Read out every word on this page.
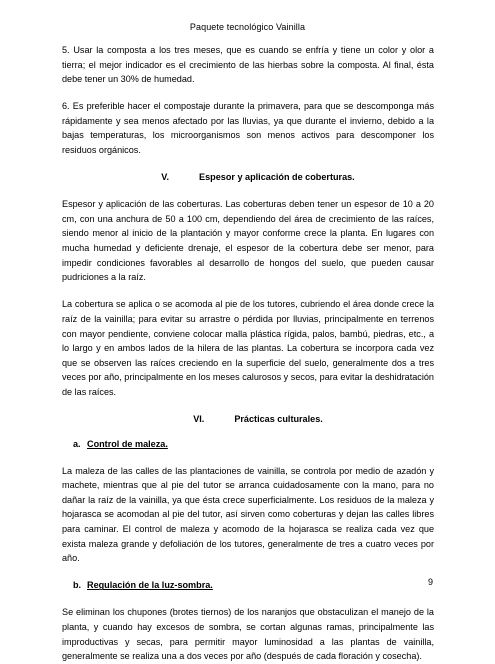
Paquete tecnológico Vainilla

5. Usar la composta a los tres meses, que es cuando se enfría y tiene un color y olor a tierra; el mejor indicador es el crecimiento de las hierbas sobre la composta. Al final, ésta debe tener un 30% de humedad.

6. Es preferible hacer el compostaje durante la primavera, para que se descomponga más rápidamente y sea menos afectado por las lluvias, ya que durante el invierno, debido a la bajas temperaturas, los microorganismos son menos activos para descomponer los residuos orgánicos.

V.	Espesor y aplicación de coberturas.

Espesor y aplicación de las coberturas. Las coberturas deben tener un espesor de 10 a 20 cm, con una anchura de 50 a 100 cm, dependiendo del área de crecimiento de las raíces, siendo menor al inicio de la plantación y mayor conforme crece la planta. En lugares con mucha humedad y deficiente drenaje, el espesor de la cobertura debe ser menor, para impedir condiciones favorables al desarrollo de hongos del suelo, que pueden causar pudriciones a la raíz.

La cobertura se aplica o se acomoda al pie de los tutores, cubriendo el área donde crece la raíz de la vainilla; para evitar su arrastre o pérdida por lluvias, principalmente en terrenos con mayor pendiente, conviene colocar malla plástica rígida, palos, bambú, piedras, etc., a lo largo y en ambos lados de la hilera de las plantas. La cobertura se incorpora cada vez que se observen las raíces creciendo en la superficie del suelo, generalmente dos a tres veces por año, principalmente en los meses calurosos y secos, para evitar la deshidratación de las raíces.

VI.	Prácticas culturales.
a. Control de maleza.

La maleza de las calles de las plantaciones de vainilla, se controla por medio de azadón y machete, mientras que al pie del tutor se arranca cuidadosamente con la mano, para no dañar la raíz de la vainilla, ya que ésta crece superficialmente. Los residuos de la maleza y hojarasca se acomodan al pie del tutor, así sirven como coberturas y dejan las calles libres para caminar. El control de maleza y acomodo de la hojarasca se realiza cada vez que exista maleza grande y defoliación de los tutores, generalmente de tres a cuatro veces por año.

b. Regulación de la luz-sombra.

Se eliminan los chupones (brotes tiernos) de los naranjos que obstaculizan el manejo de la planta, y cuando hay excesos de sombra, se cortan algunas ramas, principalmente las improductivas y secas, para permitir mayor luminosidad a las plantas de vainilla, generalmente se realiza una a dos veces por año (después de cada floración y cosecha).

9
